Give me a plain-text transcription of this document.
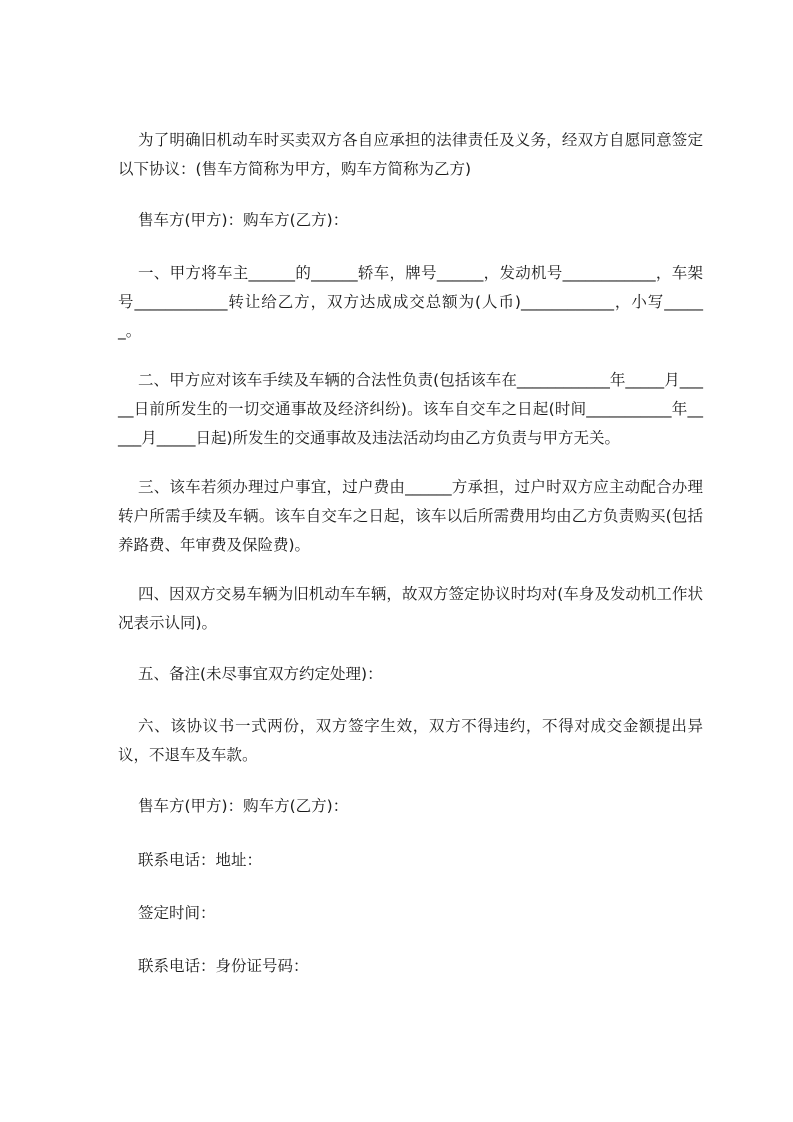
为了明确旧机动车时买卖双方各自应承担的法律责任及义务，经双方自愿同意签定以下协议：(售车方简称为甲方，购车方简称为乙方)

售车方(甲方)：购车方(乙方)：

一、甲方将车主______的______轿车，牌号______，发动机号____________，车架号____________转让给乙方，双方达成成交总额为(人币)____________，小写______。

二、甲方应对该车手续及车辆的合法性负责(包括该车在____________年_____月_____日前所发生的一切交通事故及经济纠纷)。该车自交车之日起(时间___________年_____月_____日起)所发生的交通事故及违法活动均由乙方负责与甲方无关。

三、该车若须办理过户事宜，过户费由______方承担，过户时双方应主动配合办理转户所需手续及车辆。该车自交车之日起，该车以后所需费用均由乙方负责购买(包括养路费、年审费及保险费)。

四、因双方交易车辆为旧机动车车辆，故双方签定协议时均对(车身及发动机工作状况表示认同)。

五、备注(未尽事宜双方约定处理)：

六、该协议书一式两份，双方签字生效，双方不得违约，不得对成交金额提出异议，不退车及车款。

售车方(甲方)：购车方(乙方)：

联系电话：地址：

签定时间：

联系电话：身份证号码：
